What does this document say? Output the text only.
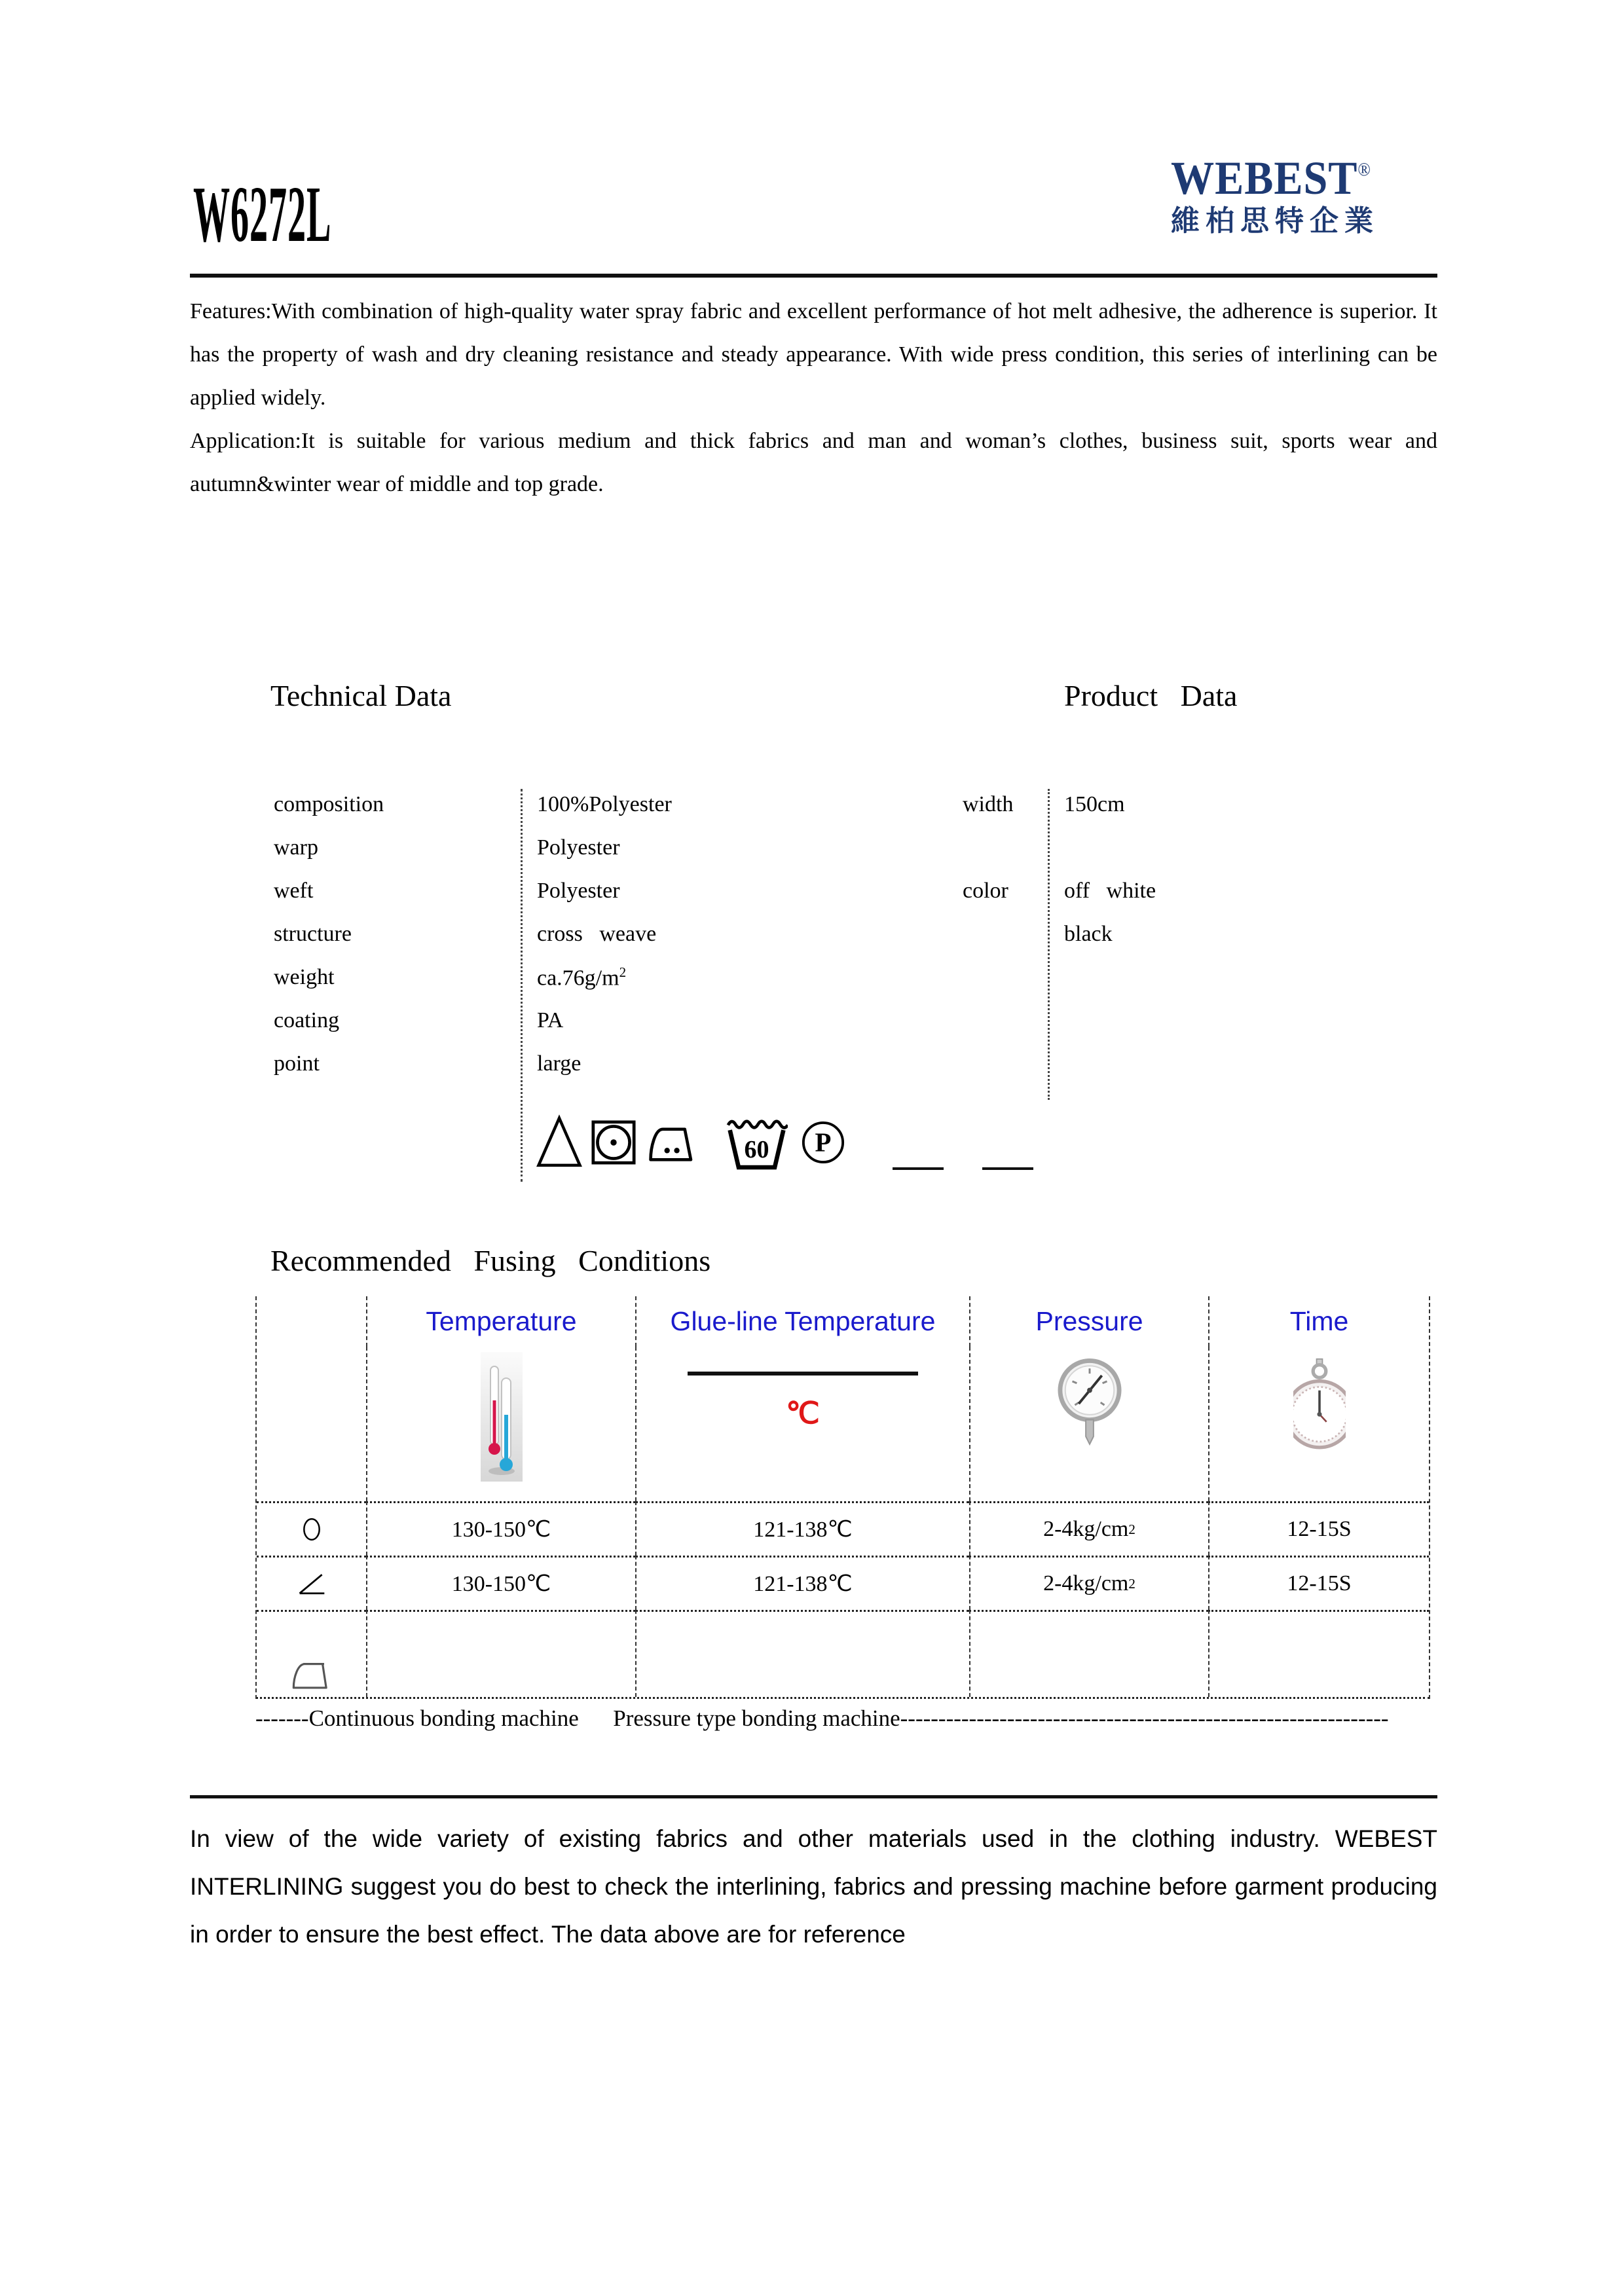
W6272L	WEBEST®
維柏思特企業

Features:With combination of high-quality water spray fabric and excellent performance of hot melt adhesive, the adherence is superior. It has the property of wash and dry cleaning resistance and steady appearance. With wide press condition, this series of interlining can be applied widely.

Application:It is suitable for various medium and thick fabrics and man and woman’s clothes, business suit, sports wear and autumn&winter wear of middle and top grade.

Technical Data	Product   Data
composition	100%Polyester
warp	Polyester
weft	Polyester
structure	cross   weave
weight	$ca.76g/m^2$
coating	PA
point	large
width	150cm
color	off   white
black
60 P
Recommended   Fusing   Conditions
Temperature	Glue-line Temperature	Pressure	Time
℃
130-150℃	121-138℃	2-4kg/cm 2	12-15S
130-150℃	121-138℃	2-4kg/cm 2	12-15S
-------Continuous bonding machine      Pressure type bonding machine----------------------------------------------------------------
In view of the wide variety of existing fabrics and other materials used in the clothing industry. WEBEST INTERLINING suggest you do best to check the interlining, fabrics and pressing machine before garment producing in order to ensure the best effect. The data above are for reference
